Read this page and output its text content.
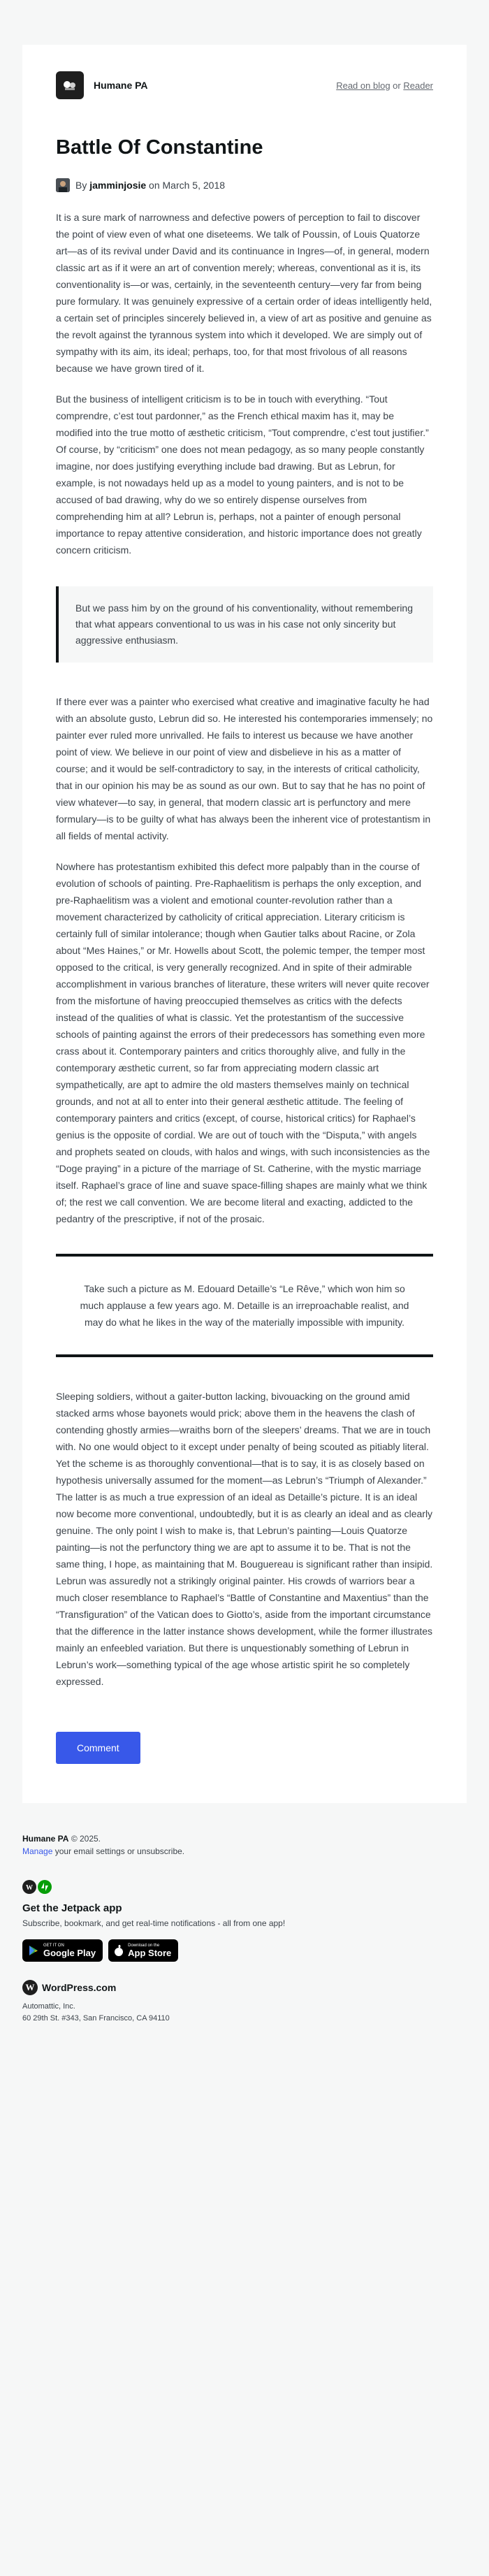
Humane PA	Read on blog or Reader
Battle Of Constantine
By
jamminjosie
on
March 5, 2018

It is a sure mark of narrowness and defective powers of perception to fail to discover the point of view even of what one diseteems. We talk of Poussin, of Louis Quatorze art—as of its revival under David and its continuance in Ingres—of, in general, modern classic art as if it were an art of convention merely; whereas, conventional as it is, its conventionality is—or was, certainly, in the seventeenth century—very far from being pure formulary. It was genuinely expressive of a certain order of ideas intelligently held, a certain set of principles sincerely believed in, a view of art as positive and genuine as the revolt against the tyrannous system into which it developed. We are simply out of sympathy with its aim, its ideal; perhaps, too, for that most frivolous of all reasons because we have grown tired of it.

But the business of intelligent criticism is to be in touch with everything. “Tout comprendre, c’est tout pardonner,” as the French ethical maxim has it, may be modified into the true motto of æsthetic criticism, “Tout comprendre, c’est tout justifier.” Of course, by “criticism” one does not mean pedagogy, as so many people constantly imagine, nor does justifying everything include bad drawing. But as Lebrun, for example, is not nowadays held up as a model to young painters, and is not to be accused of bad drawing, why do we so entirely dispense ourselves from comprehending him at all? Lebrun is, perhaps, not a painter of enough personal importance to repay attentive consideration, and historic importance does not greatly concern criticism.

But we pass him by on the ground of his conventionality, without remembering that what appears conventional to us was in his case not only sincerity but aggressive enthusiasm.

If there ever was a painter who exercised what creative and imaginative faculty he had with an absolute gusto, Lebrun did so. He interested his contemporaries immensely; no painter ever ruled more unrivalled. He fails to interest us because we have another point of view. We believe in our point of view and disbelieve in his as a matter of course; and it would be self-contradictory to say, in the interests of critical catholicity, that in our opinion his may be as sound as our own. But to say that he has no point of view whatever—to say, in general, that modern classic art is perfunctory and mere formulary—is to be guilty of what has always been the inherent vice of protestantism in all fields of mental activity.

Nowhere has protestantism exhibited this defect more palpably than in the course of evolution of schools of painting. Pre-Raphaelitism is perhaps the only exception, and pre-Raphaelitism was a violent and emotional counter-revolution rather than a movement characterized by catholicity of critical appreciation. Literary criticism is certainly full of similar intolerance; though when Gautier talks about Racine, or Zola about “Mes Haines,” or Mr. Howells about Scott, the polemic temper, the temper most opposed to the critical, is very generally recognized. And in spite of their admirable accomplishment in various branches of literature, these writers will never quite recover from the misfortune of having preoccupied themselves as critics with the defects instead of the qualities of what is classic. Yet the protestantism of the successive schools of painting against the errors of their predecessors has something even more crass about it. Contemporary painters and critics thoroughly alive, and fully in the contemporary æsthetic current, so far from appreciating modern classic art sympathetically, are apt to admire the old masters themselves mainly on technical grounds, and not at all to enter into their general æsthetic attitude. The feeling of contemporary painters and critics (except, of course, historical critics) for Raphael’s genius is the opposite of cordial. We are out of touch with the “Disputa,” with angels and prophets seated on clouds, with halos and wings, with such inconsistencies as the “Doge praying” in a picture of the marriage of St. Catherine, with the mystic marriage itself. Raphael’s grace of line and suave space-filling shapes are mainly what we think of; the rest we call convention. We are become literal and exacting, addicted to the pedantry of the prescriptive, if not of the prosaic.

Take such a picture as M. Edouard Detaille’s “Le Rêve,” which won him so much applause a few years ago. M. Detaille is an irreproachable realist, and may do what he likes in the way of the materially impossible with impunity.

Sleeping soldiers, without a gaiter-button lacking, bivouacking on the ground amid stacked arms whose bayonets would prick; above them in the heavens the clash of contending ghostly armies—wraiths born of the sleepers’ dreams. That we are in touch with. No one would object to it except under penalty of being scouted as pitiably literal. Yet the scheme is as thoroughly conventional—that is to say, it is as closely based on hypothesis universally assumed for the moment—as Lebrun’s “Triumph of Alexander.” The latter is as much a true expression of an ideal as Detaille’s picture. It is an ideal now become more conventional, undoubtedly, but it is as clearly an ideal and as clearly genuine. The only point I wish to make is, that Lebrun’s painting—Louis Quatorze painting—is not the perfunctory thing we are apt to assume it to be. That is not the same thing, I hope, as maintaining that M. Bouguereau is significant rather than insipid. Lebrun was assuredly not a strikingly original painter. His crowds of warriors bear a much closer resemblance to Raphael’s “Battle of Constantine and Maxentius” than the “Transfiguration” of the Vatican does to Giotto’s, aside from the important circumstance that the difference in the latter instance shows development, while the former illustrates mainly an enfeebled variation. But there is unquestionably something of Lebrun in Lebrun’s work—something typical of the age whose artistic spirit he so completely expressed.

Comment
Humane PA © 2025.
Manage your email settings or unsubscribe.
W
Get the Jetpack app
Subscribe, bookmark, and get real-time notifications - all from one app!
GET IT ON
Google Play
Download on the
App Store
W WordPress.com
Automattic, Inc.
60 29th St. #343, San Francisco, CA 94110
